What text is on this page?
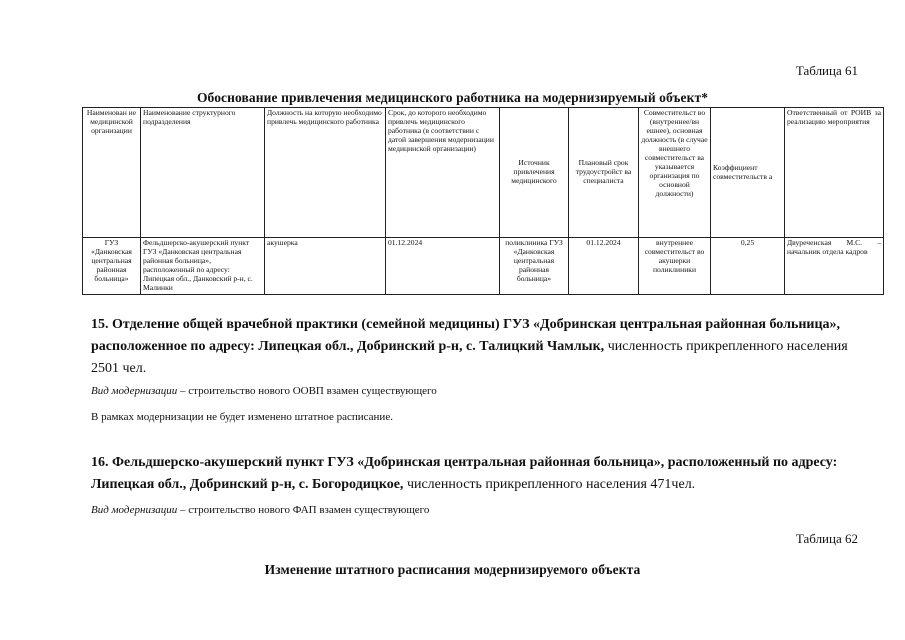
Таблица 61
Обоснование привлечения медицинского работника на модернизируемый объект*
Наименован ие медицинской организации	Наименование структурного подразделения	Должность на которую необходимо привлечь медицинского работника	Срок, до которого необходимо привлечь медицинского работника (в соответствии с датой завершения модернизации медицинской организации)	Источник привлечения медицинского	Плановый срок трудоустройст ва специалиста	Совместительст во (внутреннее/вн ешнее), основная должность (в случае внешнего совместительст ва указывается организация по основной должности)	Коэффициент совместительств а	Ответственный от РОИВ за реализацию мероприятия
ГУЗ «Данковская центральная районная больница»	Фельдшерско-акушерский пункт ГУЗ «Данковская центральная районная больница», расположенный по адресу: Липецкая обл., Данковский р-н, с. Малинки	акушерка	01.12.2024	поликлиника ГУЗ «Данковская центральная районная больница»	01.12.2024	внутреннее совместительст во акушерки поликлиники	0,25	Двуреченская М.С. – начальник отдела кадров
15. Отделение общей врачебной практики (семейной медицины) ГУЗ «Добринская центральная районная больница», расположенное по адресу: Липецкая обл., Добринский р-н, с. Талицкий Чамлык, численность прикрепленного населения 2501 чел.
Вид модернизации – строительство нового ООВП взамен существующего
В рамках модернизации не будет изменено штатное расписание.
16. Фельдшерско-акушерский пункт ГУЗ «Добринская центральная районная больница», расположенный по адресу: Липецкая обл., Добринский р-н, с. Богородицкое, численность прикрепленного населения 471чел.
Вид модернизации – строительство нового ФАП взамен существующего
Таблица 62
Изменение штатного расписания модернизируемого объекта
